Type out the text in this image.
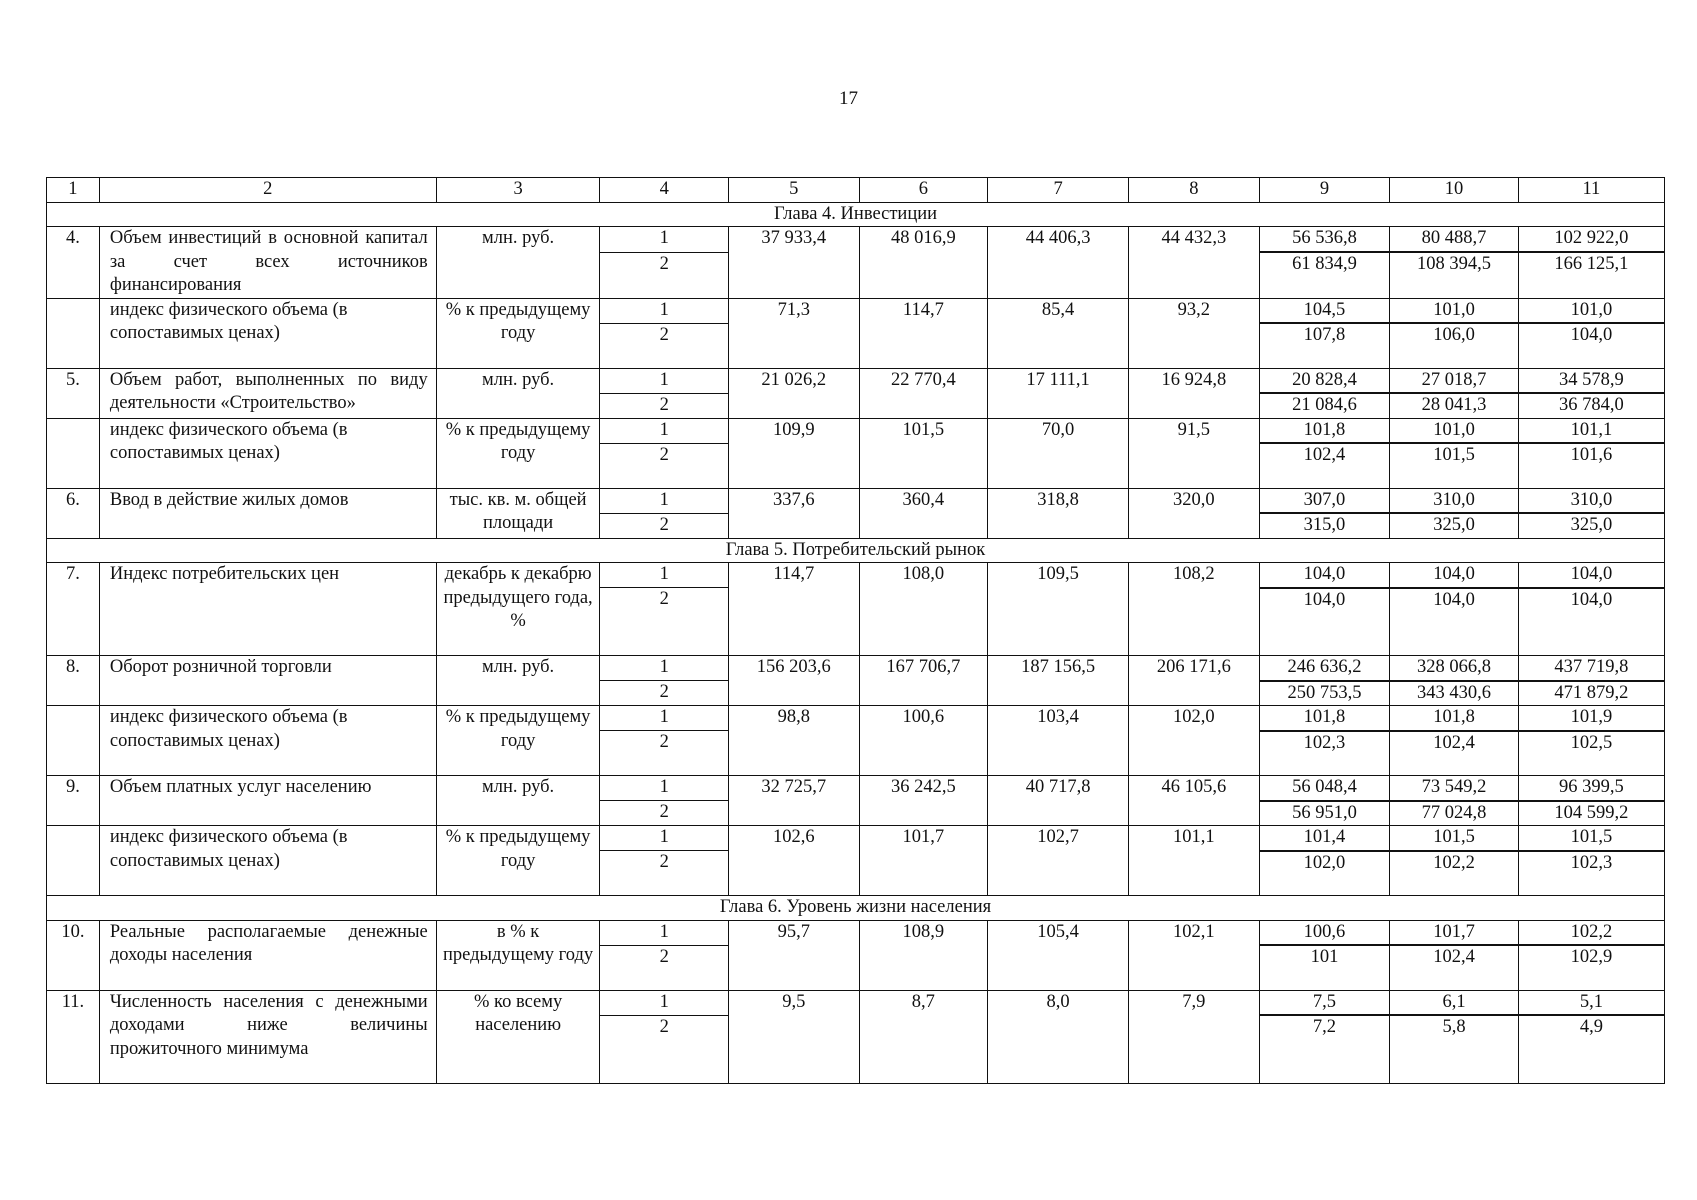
17
1	2	3	4	5	6	7	8	9	10	11
Глава 4. Инвестиции										
4.	Объем инвестиций в основной капитал за счет всех источников финансирования	млн. руб.	1	37 933,4	48 016,9	44 406,3	44 432,3	56 536,8	80 488,7	102 922,0
			2					61 834,9	108 394,5	166 125,1
	индекс физического объема (в сопоставимых ценах)	% к предыдущему году	1	71,3	114,7	85,4	93,2	104,5	101,0	101,0
			2					107,8	106,0	104,0
5.	Объем работ, выполненных по виду деятельности «Строительство»	млн. руб.	1	21 026,2	22 770,4	17 111,1	16 924,8	20 828,4	27 018,7	34 578,9
			2					21 084,6	28 041,3	36 784,0
	индекс физического объема (в сопоставимых ценах)	% к предыдущему году	1	109,9	101,5	70,0	91,5	101,8	101,0	101,1
			2					102,4	101,5	101,6
6.	Ввод в действие жилых домов	тыс. кв. м. общей площади	1	337,6	360,4	318,8	320,0	307,0	310,0	310,0
			2					315,0	325,0	325,0
Глава 5. Потребительский рынок										
7.	Индекс потребительских цен	декабрь к декабрю предыдущего года, %	1	114,7	108,0	109,5	108,2	104,0	104,0	104,0
			2					104,0	104,0	104,0
8.	Оборот розничной торговли	млн. руб.	1	156 203,6	167 706,7	187 156,5	206 171,6	246 636,2	328 066,8	437 719,8
			2					250 753,5	343 430,6	471 879,2
	индекс физического объема (в сопоставимых ценах)	% к предыдущему году	1	98,8	100,6	103,4	102,0	101,8	101,8	101,9
			2					102,3	102,4	102,5
9.	Объем платных услуг населению	млн. руб.	1	32 725,7	36 242,5	40 717,8	46 105,6	56 048,4	73 549,2	96 399,5
			2					56 951,0	77 024,8	104 599,2
	индекс физического объема (в сопоставимых ценах)	% к предыдущему году	1	102,6	101,7	102,7	101,1	101,4	101,5	101,5
			2					102,0	102,2	102,3
Глава 6. Уровень жизни населения										
10.	Реальные располагаемые денежные доходы населения	в % к предыдущему году	1	95,7	108,9	105,4	102,1	100,6	101,7	102,2
			2					101	102,4	102,9
11.	Численность населения с денежными доходами ниже величины прожиточного минимума	% ко всему населению	1	9,5	8,7	8,0	7,9	7,5	6,1	5,1
			2					7,2	5,8	4,9
